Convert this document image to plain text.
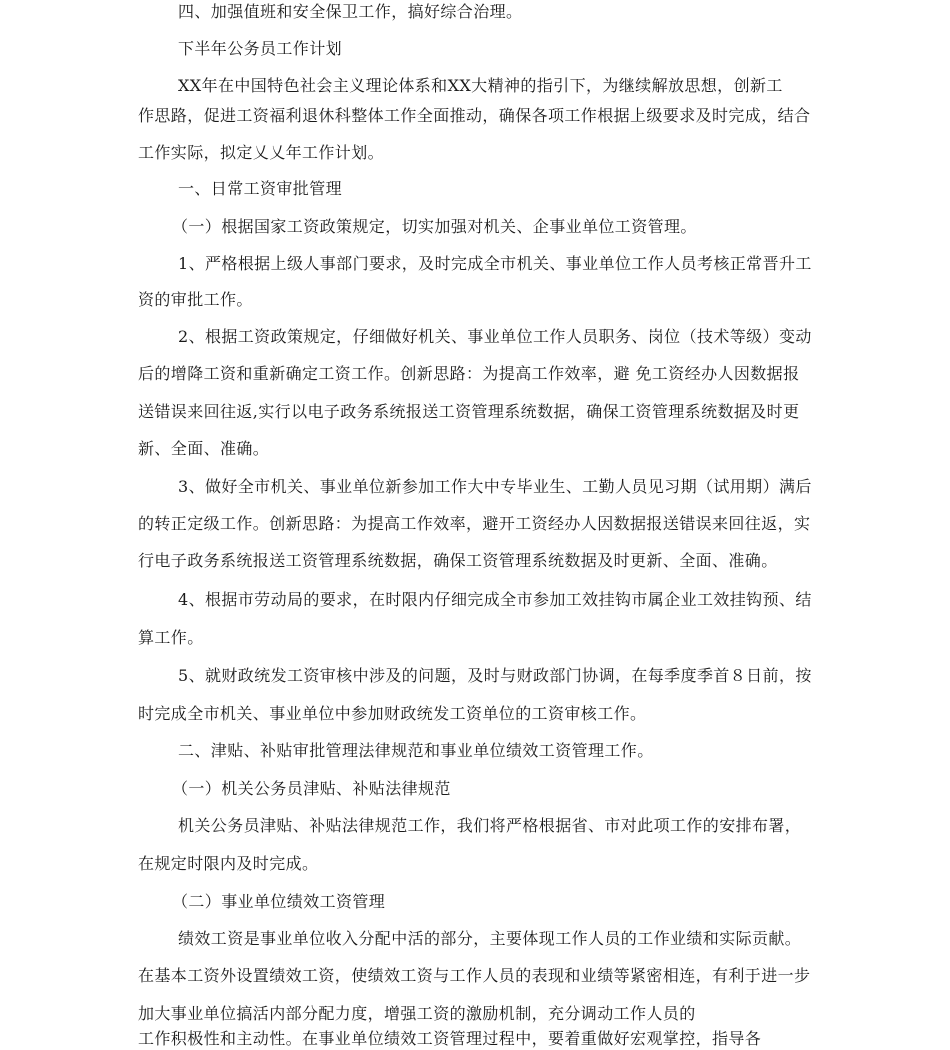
四、加强值班和安全保卫工作，搞好综合治理。
下半年公务员工作计划
XX年在中国特色社会主义理论体系和XX大精神的指引下，为继续解放思想，创新工
作思路，促进工资福利退休科整体工作全面推动，确保各项工作根据上级要求及时完成，结合
工作实际，拟定乂乂年工作计划。
一、日常工资审批管理
（一）根据国家工资政策规定，切实加强对机关、企事业单位工资管理。
1、严格根据上级人事部门要求，及时完成全市机关、事业单位工作人员考核正常晋升工
资的审批工作。
2、根据工资政策规定，仔细做好机关、事业单位工作人员职务、岗位（技术等级）变动
后的增降工资和重新确定工资工作。创新思路：为提高工作效率，避 免工资经办人因数据报
送错误来回往返,实行以电子政务系统报送工资管理系统数据，确保工资管理系统数据及时更
新、全面、准确。
3、做好全市机关、事业单位新参加工作大中专毕业生、工勤人员见习期（试用期）满后
的转正定级工作。创新思路：为提高工作效率，避开工资经办人因数据报送错误来回往返，实
行电子政务系统报送工资管理系统数据，确保工资管理系统数据及时更新、全面、准确。
4、根据市劳动局的要求，在时限内仔细完成全市参加工效挂钩市属企业工效挂钩预、结
算工作。
5、就财政统发工资审核中涉及的问题，及时与财政部门协调，在每季度季首８日前，按
时完成全市机关、事业单位中参加财政统发工资单位的工资审核工作。
二、津贴、补贴审批管理法律规范和事业单位绩效工资管理工作。
（一）机关公务员津贴、补贴法律规范
机关公务员津贴、补贴法律规范工作，我们将严格根据省、市对此项工作的安排布署，
在规定时限内及时完成。
（二）事业单位绩效工资管理
绩效工资是事业单位收入分配中活的部分，主要体现工作人员的工作业绩和实际贡献。
在基本工资外设置绩效工资，使绩效工资与工作人员的表现和业绩等紧密相连，有利于进一步
加大事业单位搞活内部分配力度，增强工资的激励机制，充分调动工作人员的
工作积极性和主动性。在事业单位绩效工资管理过程中，要着重做好宏观掌控，指导各
